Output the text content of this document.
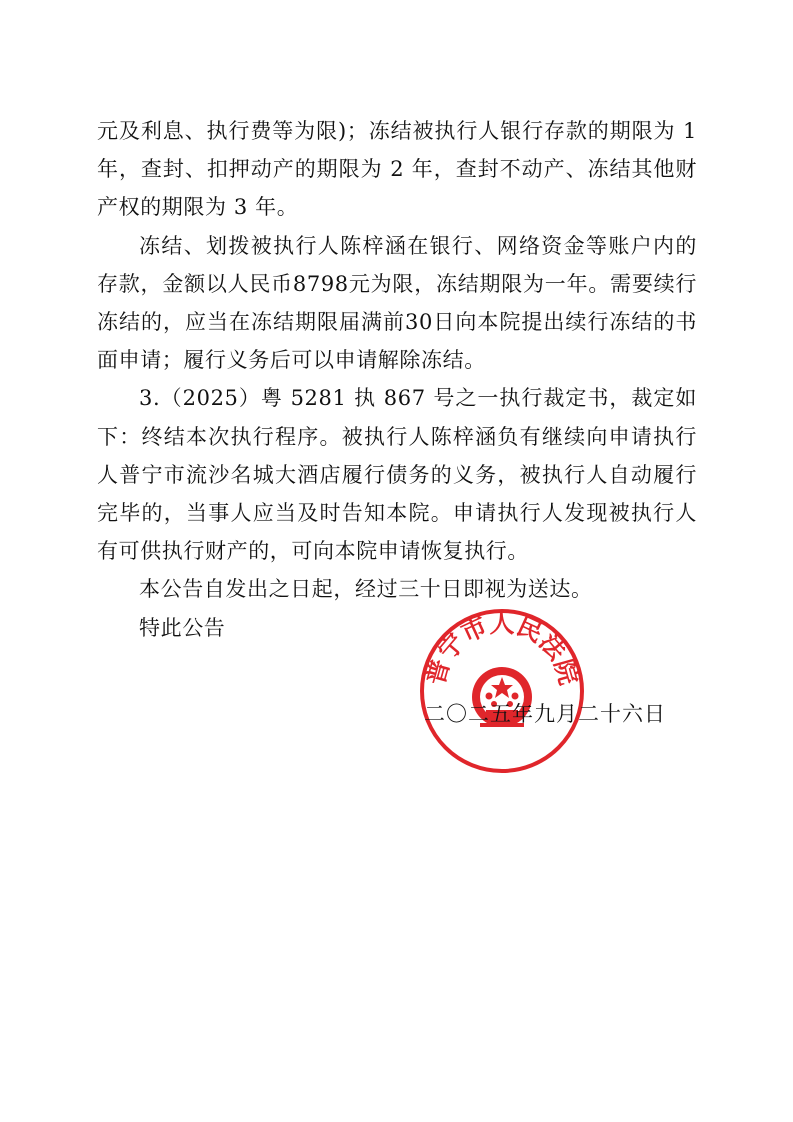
元及利息、执行费等为限)；冻结被执行人银行存款的期限为 1 年，查封、扣押动产的期限为 2 年，查封不动产、冻结其他财产权的期限为 3 年。

冻结、划拨被执行人陈梓涵在银行、网络资金等账户内的存款，金额以人民币8798元为限，冻结期限为一年。需要续行冻结的，应当在冻结期限届满前30日向本院提出续行冻结的书面申请；履行义务后可以申请解除冻结。

3.（2025）粤 5281 执 867 号之一执行裁定书，裁定如下：终结本次执行程序。被执行人陈梓涵负有继续向申请执行人普宁市流沙名城大酒店履行债务的义务，被执行人自动履行完毕的，当事人应当及时告知本院。申请执行人发现被执行人有可供执行财产的，可向本院申请恢复执行。

本公告自发出之日起，经过三十日即视为送达。

特此公告

普宁市人民法院
二〇二五年九月二十六日
